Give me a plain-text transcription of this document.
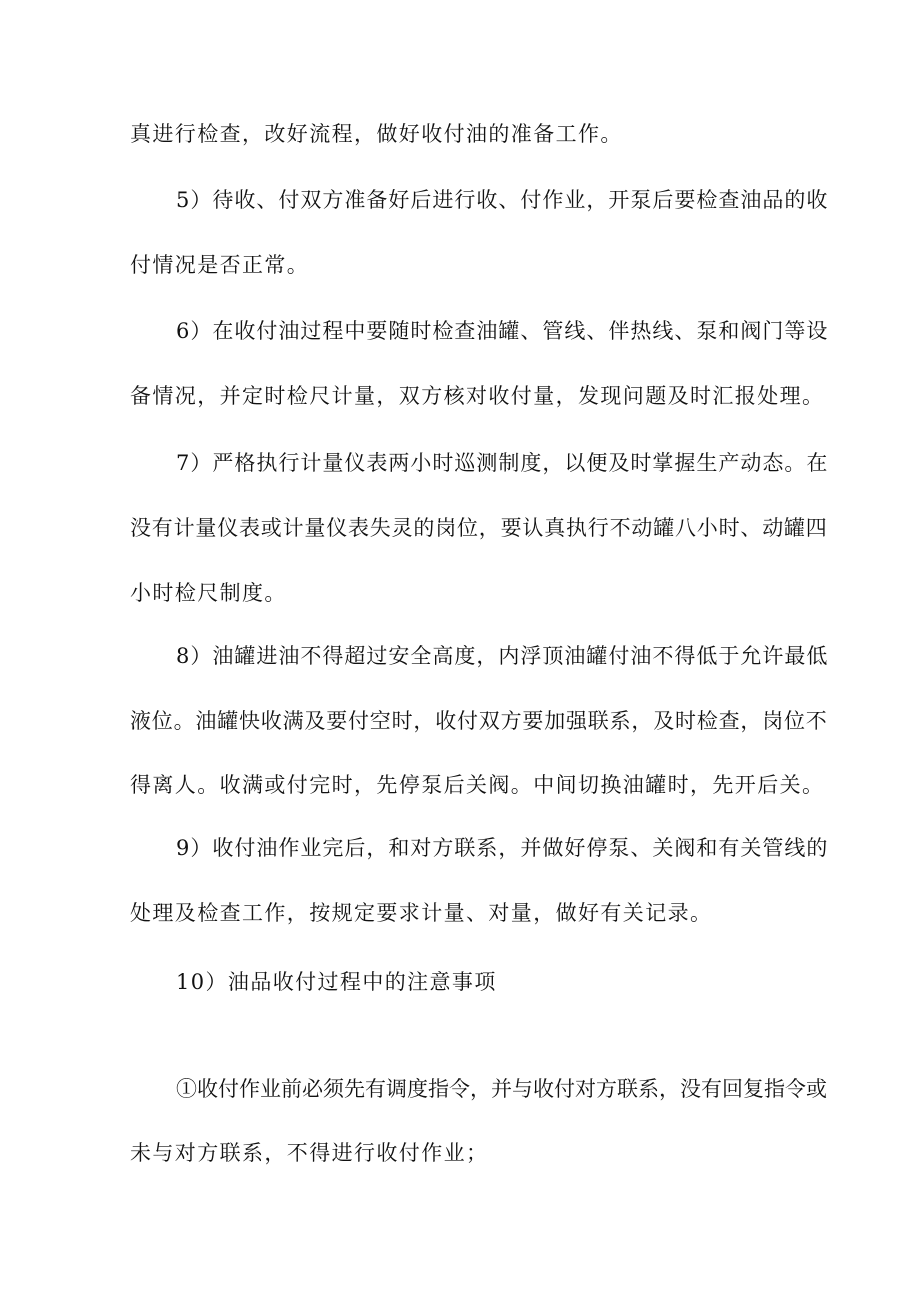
真进行检查，改好流程，做好收付油的准备工作。
5）待收、付双方准备好后进行收、付作业，开泵后要检查油品的收
付情况是否正常。
6）在收付油过程中要随时检查油罐、管线、伴热线、泵和阀门等设
备情况，并定时检尺计量，双方核对收付量，发现问题及时汇报处理。
7）严格执行计量仪表两小时巡测制度，以便及时掌握生产动态。在
没有计量仪表或计量仪表失灵的岗位，要认真执行不动罐八小时、动罐四
小时检尺制度。
8）油罐进油不得超过安全高度，内浮顶油罐付油不得低于允许最低
液位。油罐快收满及要付空时，收付双方要加强联系，及时检查，岗位不
得离人。收满或付完时，先停泵后关阀。中间切换油罐时，先开后关。
9）收付油作业完后，和对方联系，并做好停泵、关阀和有关管线的
处理及检查工作，按规定要求计量、对量，做好有关记录。
10）油品收付过程中的注意事项
①收付作业前必须先有调度指令，并与收付对方联系，没有回复指令或
未与对方联系，不得进行收付作业；
